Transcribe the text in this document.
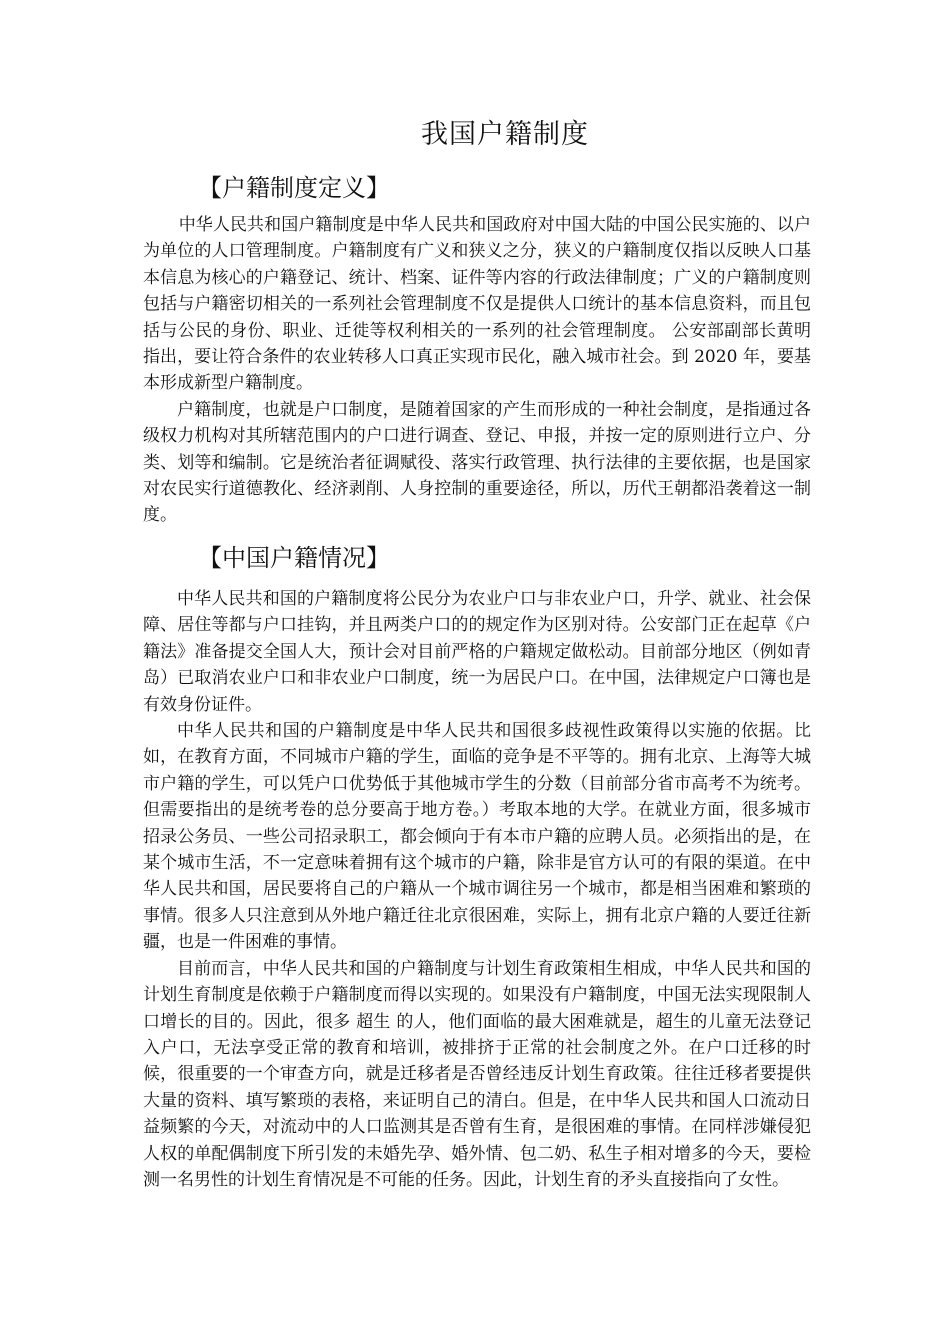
我国户籍制度
【户籍制度定义】

中华人民共和国户籍制度是中华人民共和国政府对中国大陆的中国公民实施的、以户为单位的人口管理制度。户籍制度有广义和狭义之分，狭义的户籍制度仅指以反映人口基本信息为核心的户籍登记、统计、档案、证件等内容的行政法律制度；广义的户籍制度则包括与户籍密切相关的一系列社会管理制度不仅是提供人口统计的基本信息资料，而且包括与公民的身份、职业、迁徙等权利相关的一系列的社会管理制度。 公安部副部长黄明指出，要让符合条件的农业转移人口真正实现市民化，融入城市社会。到 2020 年，要基本形成新型户籍制度。

户籍制度，也就是户口制度，是随着国家的产生而形成的一种社会制度，是指通过各级权力机构对其所辖范围内的户口进行调查、登记、申报，并按一定的原则进行立户、分类、划等和编制。它是统治者征调赋役、落实行政管理、执行法律的主要依据，也是国家对农民实行道德教化、经济剥削、人身控制的重要途径，所以，历代王朝都沿袭着这一制度。

【中国户籍情况】

中华人民共和国的户籍制度将公民分为农业户口与非农业户口，升学、就业、社会保障、居住等都与户口挂钩，并且两类户口的的规定作为区别对待。公安部门正在起草《户籍法》准备提交全国人大，预计会对目前严格的户籍规定做松动。目前部分地区（例如青岛）已取消农业户口和非农业户口制度，统一为居民户口。在中国，法律规定户口簿也是有效身份证件。

中华人民共和国的户籍制度是中华人民共和国很多歧视性政策得以实施的依据。比如，在教育方面，不同城市户籍的学生，面临的竞争是不平等的。拥有北京、上海等大城市户籍的学生，可以凭户口优势低于其他城市学生的分数（目前部分省市高考不为统考。但需要指出的是统考卷的总分要高于地方卷。）考取本地的大学。在就业方面，很多城市招录公务员、一些公司招录职工，都会倾向于有本市户籍的应聘人员。必须指出的是，在某个城市生活，不一定意味着拥有这个城市的户籍，除非是官方认可的有限的渠道。在中华人民共和国，居民要将自己的户籍从一个城市调往另一个城市，都是相当困难和繁琐的事情。很多人只注意到从外地户籍迁往北京很困难，实际上，拥有北京户籍的人要迁往新疆，也是一件困难的事情。

目前而言，中华人民共和国的户籍制度与计划生育政策相生相成，中华人民共和国的计划生育制度是依赖于户籍制度而得以实现的。如果没有户籍制度，中国无法实现限制人口增长的目的。因此，很多 超生 的人，他们面临的最大困难就是，超生的儿童无法登记入户口，无法享受正常的教育和培训，被排挤于正常的社会制度之外。在户口迁移的时候，很重要的一个审查方向，就是迁移者是否曾经违反计划生育政策。往往迁移者要提供大量的资料、填写繁琐的表格，来证明自己的清白。但是，在中华人民共和国人口流动日益频繁的今天，对流动中的人口监测其是否曾有生育，是很困难的事情。在同样涉嫌侵犯人权的单配偶制度下所引发的未婚先孕、婚外情、包二奶、私生子相对增多的今天，要检测一名男性的计划生育情况是不可能的任务。因此，计划生育的矛头直接指向了女性。
